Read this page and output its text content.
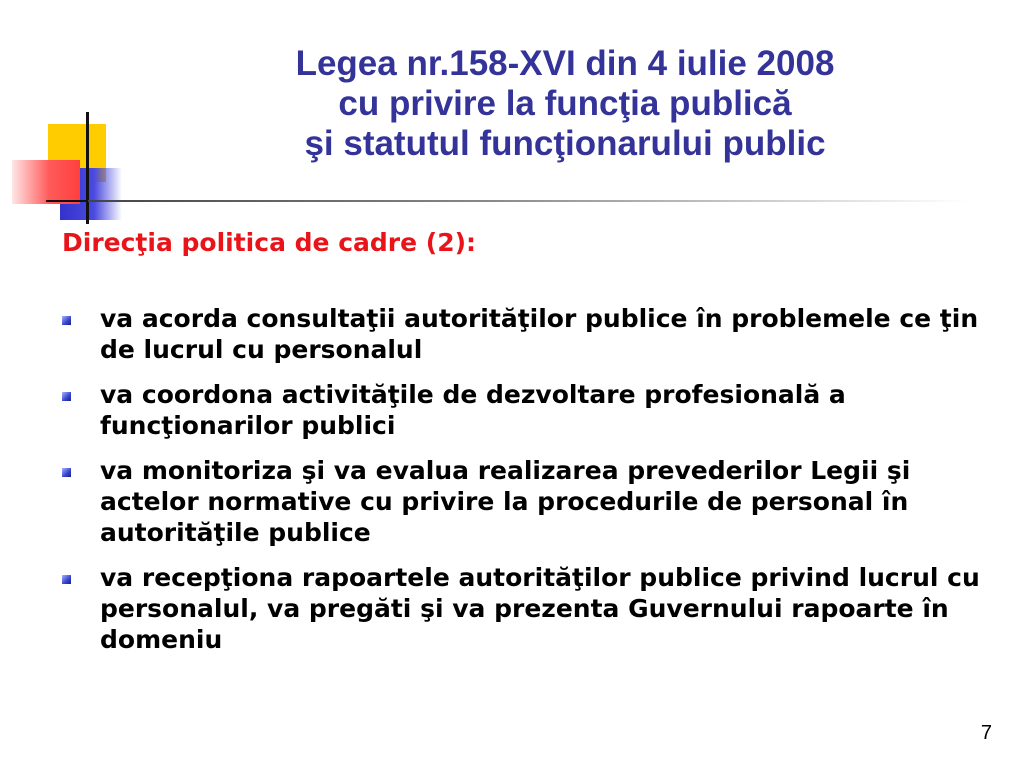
Legea nr.158-XVI din 4 iulie 2008
cu privire la funcţia publică
şi statutul funcţionarului public
Direcţia politica de cadre (2):
va acorda consultaţii autorităţilor publice în problemele ce ţin de lucrul cu personalul
va coordona activităţile de dezvoltare profesională a funcţionarilor publici
va monitoriza şi va evalua realizarea prevederilor Legii şi actelor normative cu privire la procedurile de personal în autorităţile publice
va recepţiona rapoartele autorităţilor publice privind lucrul cu personalul, va pregăti şi va prezenta Guvernului rapoarte în domeniu
7
